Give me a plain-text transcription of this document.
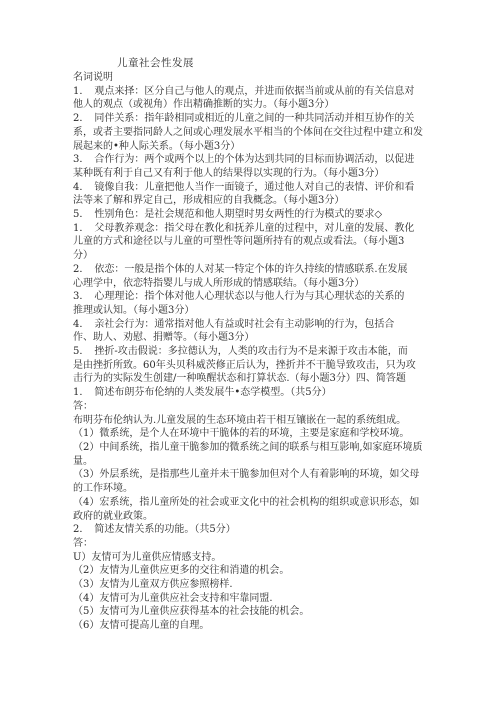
儿童社会性发展

名词说明

1．　观点来择：区分自己与他人的观点，并进而依据当前或从前的有关信息对

他人的观点（或视角）作出精确推断的实力。（每小题3分）

2．　同伴关系：指年龄相同或相近的儿童之间的一种共同活动并相互协作的关

系，或者主要指同龄人之间或心理发展水平相当的个体间在交往过程中建立和发

展起来的•种人际关系。（每小题3分）

3．　合作行为：两个或两个以上的个体为达到共同的目标而协调活动，以促进

某种既有利于自己又有利于他人的结果得以实现的行为。（每小题3分）

4．　镜像自我：儿童把他人当作一面镜子，通过他人对自己的表情、评价和看

法等来了解和界定自己，形成相应的自我概念。（每小题3分）

5．　性别角色：是社会规范和他人期望时男女两性的行为模式的要求◇

1．　父母教养观念：指父母在教化和抚养儿童的过程中，对儿童的发展、教化

儿童的方式和途径以与儿童的可塑性等问题所持有的观点或看法。（每小题3

分）

2．　依恋：一般是指个体的人对某一特定个体的许久持续的情感联系.在发展

心理学中，依恋特指婴儿与成人所形成的情感联结。（每小题3分）

3．　心理理论：指个体对他人心理状态以与他人行为与其心理状态的关系的

推理或认知。（每小题3分）

4．　亲社会行为：通常指对他人有益或时社会有主动影响的行为，包括合

作、助人、劝慰、捐赠等。（每小题3分）

5．　挫折-攻击假说：多拉德认为，人类的攻击行为不是来源于攻击本能，而

是由挫折所致。60年头贝科威茨修正后认为，挫折并不干脆导致攻击，只为攻

击行为的实际发生创建/一种唤醒状态和打算状态.（每小题3分）四、简答题

1．　简述布朗芬布伦纳的人类发展牛•态学模型。（共5分）

答：

布明芬布伦纳认为.儿童发展的生态环境由若干相互镶嵌在一起的系统组成。

（1）微系统，是个人在环境中干脆体的若的环境，主要是家庭和学校环境。

（2）中间系统，指儿童干脆参加的微系统之间的联系与相互影响,如家庭环境质

量。

（3）外层系统，是指那些儿童并未干脆参加但对个人有着影响的环境，如父母

的工作环境。

（4）宏系统，指儿童所处的社会或亚文化中的社会机构的组织或意识形态，如

政府的就业政策。

2．　简述友情关系的功能。（共5分）

答：

U）友情可为儿童供应情感支持。

（2）友情为儿童供应更多的交往和消遣的机会。

（3）友情为儿童双方供应参照榜样.

（4）友情可为儿童供应社会支持和牢靠同盟.

（5）友情可为儿童供应获得基本的社会技能的机会。

（6）友情可提高儿童的自理。
